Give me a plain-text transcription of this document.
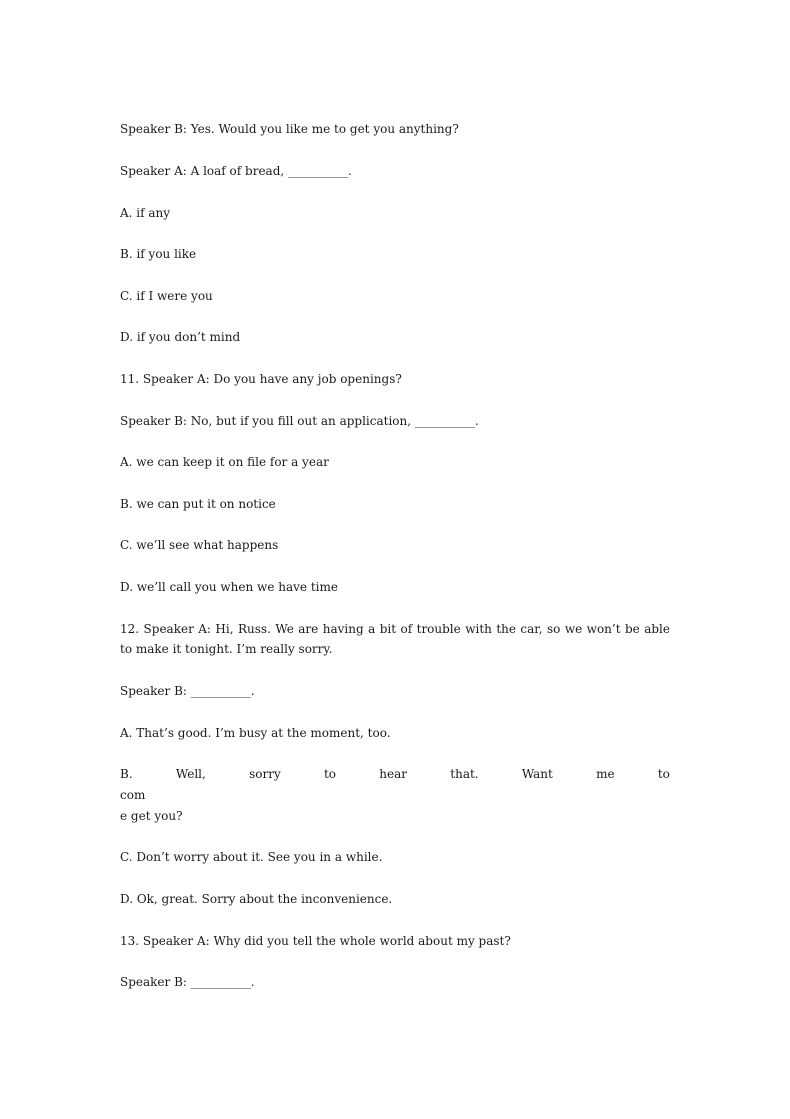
Speaker B: Yes. Would you like me to get you anything?
Speaker A: A loaf of bread, __________.
A. if any
B. if you like
C. if I were you
D. if you don’t mind
11. Speaker A: Do you have any job openings?
Speaker B: No, but if you fill out an application, __________.
A. we can keep it on file for a year
B. we can put it on notice
C. we’ll see what happens
D. we’ll call you when we have time
12. Speaker A: Hi, Russ. We are having a bit of trouble with the car, so we won’t be able to make it tonight. I’m really sorry.
Speaker B: __________.
A. That’s good. I’m busy at the moment, too.
B.	Well,	sorry	to	hear	that.	Want	me	to
com
e get you?
C. Don’t worry about it. See you in a while.
D. Ok, great. Sorry about the inconvenience.
13. Speaker A: Why did you tell the whole world about my past?
Speaker B: __________.
